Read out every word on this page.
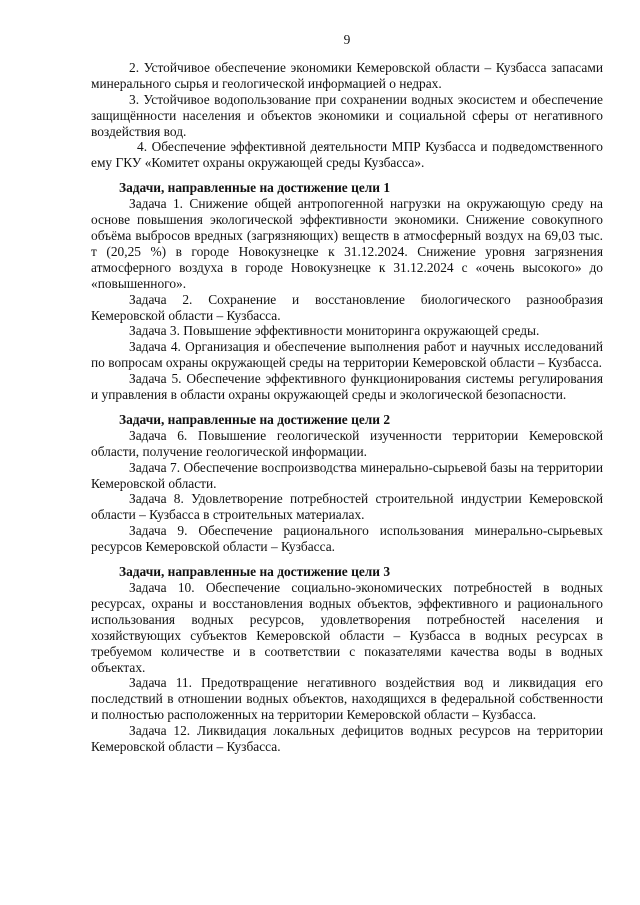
9

2. Устойчивое обеспечение экономики Кемеровской области – Кузбасса запасами минерального сырья и геологической информацией о недрах.

3. Устойчивое водопользование при сохранении водных экосистем и обеспечение защищённости населения и объектов экономики и социальной сферы от негативного воздействия вод.

4. Обеспечение эффективной деятельности МПР Кузбасса и подведомственного ему ГКУ «Комитет охраны окружающей среды Кузбасса».

Задачи, направленные на достижение цели 1

Задача 1. Снижение общей антропогенной нагрузки на окружающую среду на основе повышения экологической эффективности экономики. Снижение совокупного объёма выбросов вредных (загрязняющих) веществ в атмосферный воздух на 69,03 тыс. т (20,25 %) в городе Новокузнецке к 31.12.2024. Снижение уровня загрязнения атмосферного воздуха в городе Новокузнецке к 31.12.2024 с «очень высокого» до «повышенного».

Задача 2. Сохранение и восстановление биологического разнообразия Кемеровской области – Кузбасса.

Задача 3. Повышение эффективности мониторинга окружающей среды.

Задача 4. Организация и обеспечение выполнения работ и научных исследований по вопросам охраны окружающей среды на территории Кемеровской области – Кузбасса.

Задача 5. Обеспечение эффективного функционирования системы регулирования и управления в области охраны окружающей среды и экологической безопасности.

Задачи, направленные на достижение цели 2

Задача 6. Повышение геологической изученности территории Кемеровской области, получение геологической информации.

Задача 7. Обеспечение воспроизводства минерально-сырьевой базы на территории Кемеровской области.

Задача 8. Удовлетворение потребностей строительной индустрии Кемеровской области – Кузбасса в строительных материалах.

Задача 9. Обеспечение рационального использования минерально-сырьевых ресурсов Кемеровской области – Кузбасса.

Задачи, направленные на достижение цели 3

Задача 10. Обеспечение социально-экономических потребностей в водных ресурсах, охраны и восстановления водных объектов, эффективного и рационального использования водных ресурсов, удовлетворения потребностей населения и хозяйствующих субъектов Кемеровской области – Кузбасса в водных ресурсах в требуемом количестве и в соответствии с показателями качества воды в водных объектах.

Задача 11. Предотвращение негативного воздействия вод и ликвидация его последствий в отношении водных объектов, находящихся в федеральной собственности и полностью расположенных на территории Кемеровской области – Кузбасса.

Задача 12. Ликвидация локальных дефицитов водных ресурсов на территории Кемеровской области – Кузбасса.
